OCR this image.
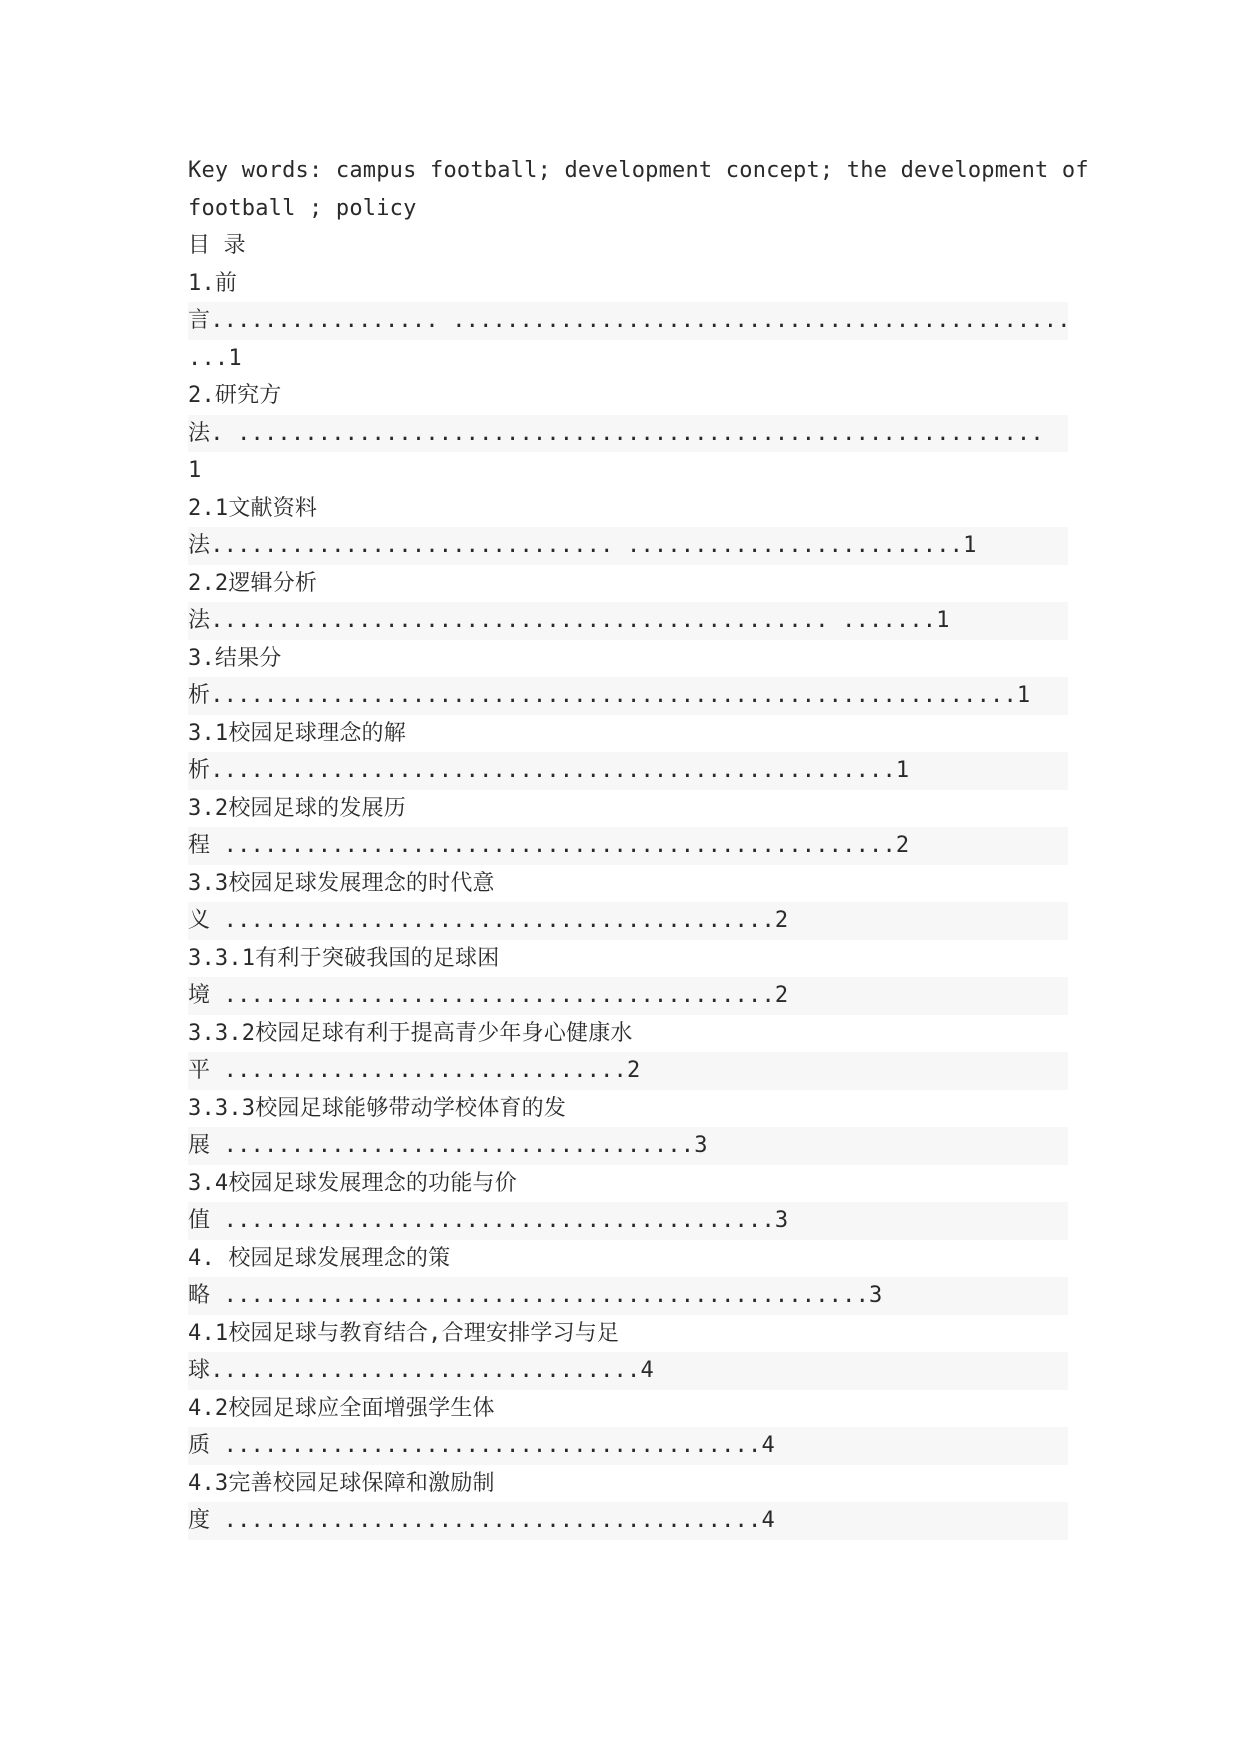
Key words: campus football; development concept; the development of
football ; policy
目 录
1.前
言................. ..............................................
...1
2.研究方
法. ............................................................
1
2.1文献资料
法.............................. .........................1
2.2逻辑分析
法.............................................. .......1
3.结果分
析............................................................1
3.1校园足球理念的解
析...................................................1
3.2校园足球的发展历
程 ..................................................2
3.3校园足球发展理念的时代意
义 .........................................2
3.3.1有利于突破我国的足球困
境 .........................................2
3.3.2校园足球有利于提高青少年身心健康水
平 ..............................2
3.3.3校园足球能够带动学校体育的发
展 ...................................3
3.4校园足球发展理念的功能与价
值 .........................................3
4. 校园足球发展理念的策
略 ................................................3
4.1校园足球与教育结合,合理安排学习与足
球................................4
4.2校园足球应全面增强学生体
质 ........................................4
4.3完善校园足球保障和激励制
度 ........................................4
